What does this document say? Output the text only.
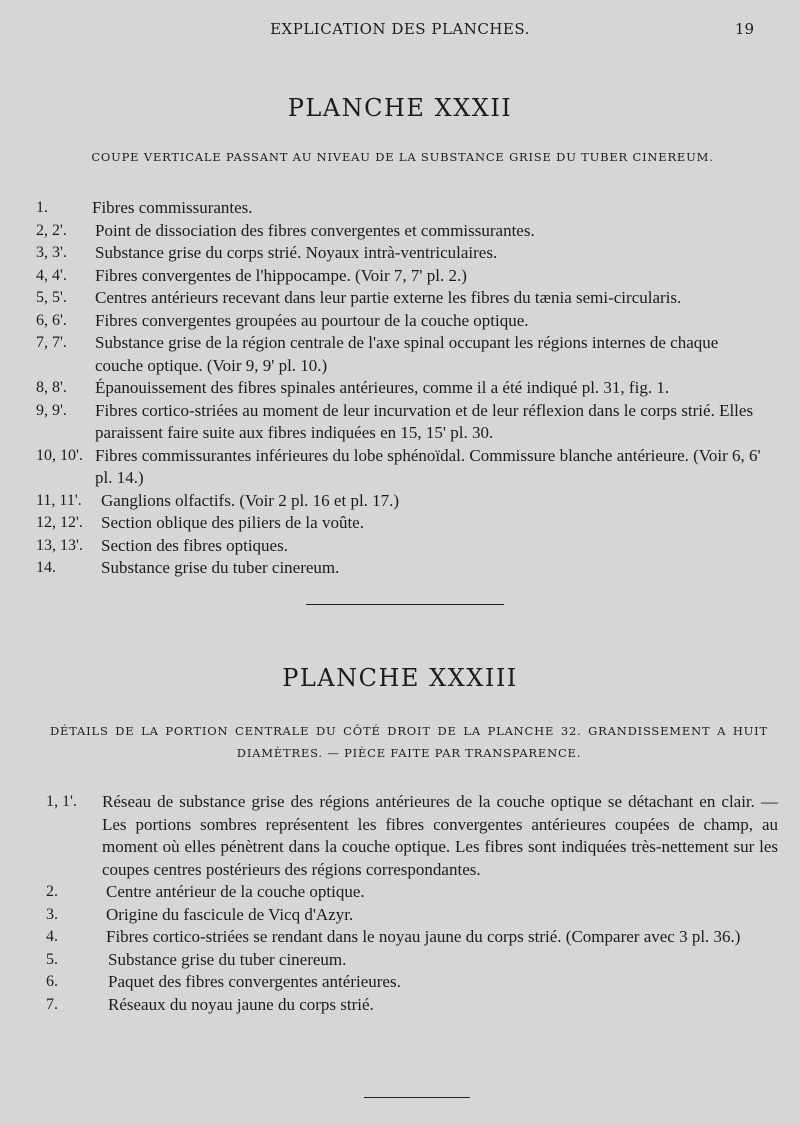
EXPLICATION DES PLANCHES.	19
PLANCHE XXXII
COUPE VERTICALE PASSANT AU NIVEAU DE LA SUBSTANCE GRISE DU TUBER CINEREUM.
1.	Fibres commissurantes.
2, 2'.	Point de dissociation des fibres convergentes et commissurantes.
3, 3'.	Substance grise du corps strié. Noyaux intrà-ventriculaires.
4, 4'.	Fibres convergentes de l'hippocampe. (Voir 7, 7' pl. 2.)
5, 5'.	Centres antérieurs recevant dans leur partie externe les fibres du tænia semi-circularis.
6, 6'.	Fibres convergentes groupées au pourtour de la couche optique.
7, 7'.	Substance grise de la région centrale de l'axe spinal occupant les régions internes de chaque couche optique. (Voir 9, 9' pl. 10.)
8, 8'.	Épanouissement des fibres spinales antérieures, comme il a été indiqué pl. 31, fig. 1.
9, 9'.	Fibres cortico-striées au moment de leur incurvation et de leur réflexion dans le corps strié. Elles paraissent faire suite aux fibres indiquées en 15, 15' pl. 30.
10, 10'. Fibres commissurantes inférieures du lobe sphénoïdal. Commissure blanche antérieure. (Voir 6, 6' pl. 14.)
11, 11'.	Ganglions olfactifs. (Voir 2 pl. 16 et pl. 17.)
12, 12'.	Section oblique des piliers de la voûte.
13, 13'.	Section des fibres optiques.
14.	Substance grise du tuber cinereum.
PLANCHE XXXIII
DÉTAILS DE LA PORTION CENTRALE DU CÔTÉ DROIT DE LA PLANCHE 32. GRANDISSEMENT A HUIT
DIAMÈTRES. — PIÈCE FAITE PAR TRANSPARENCE.
1, 1'.	Réseau de substance grise des régions antérieures de la couche optique se détachant en clair. — Les portions sombres représentent les fibres convergentes antérieures coupées de champ, au moment où elles pénètrent dans la couche optique. Les fibres sont indiquées très-nettement sur les coupes centres postérieurs des régions correspondantes.
2.	Centre antérieur de la couche optique.
3.	Origine du fascicule de Vicq d'Azyr.
4.	Fibres cortico-striées se rendant dans le noyau jaune du corps strié. (Comparer avec 3 pl. 36.)
5.	Substance grise du tuber cinereum.
6.	Paquet des fibres convergentes antérieures.
7.	Réseaux du noyau jaune du corps strié.
